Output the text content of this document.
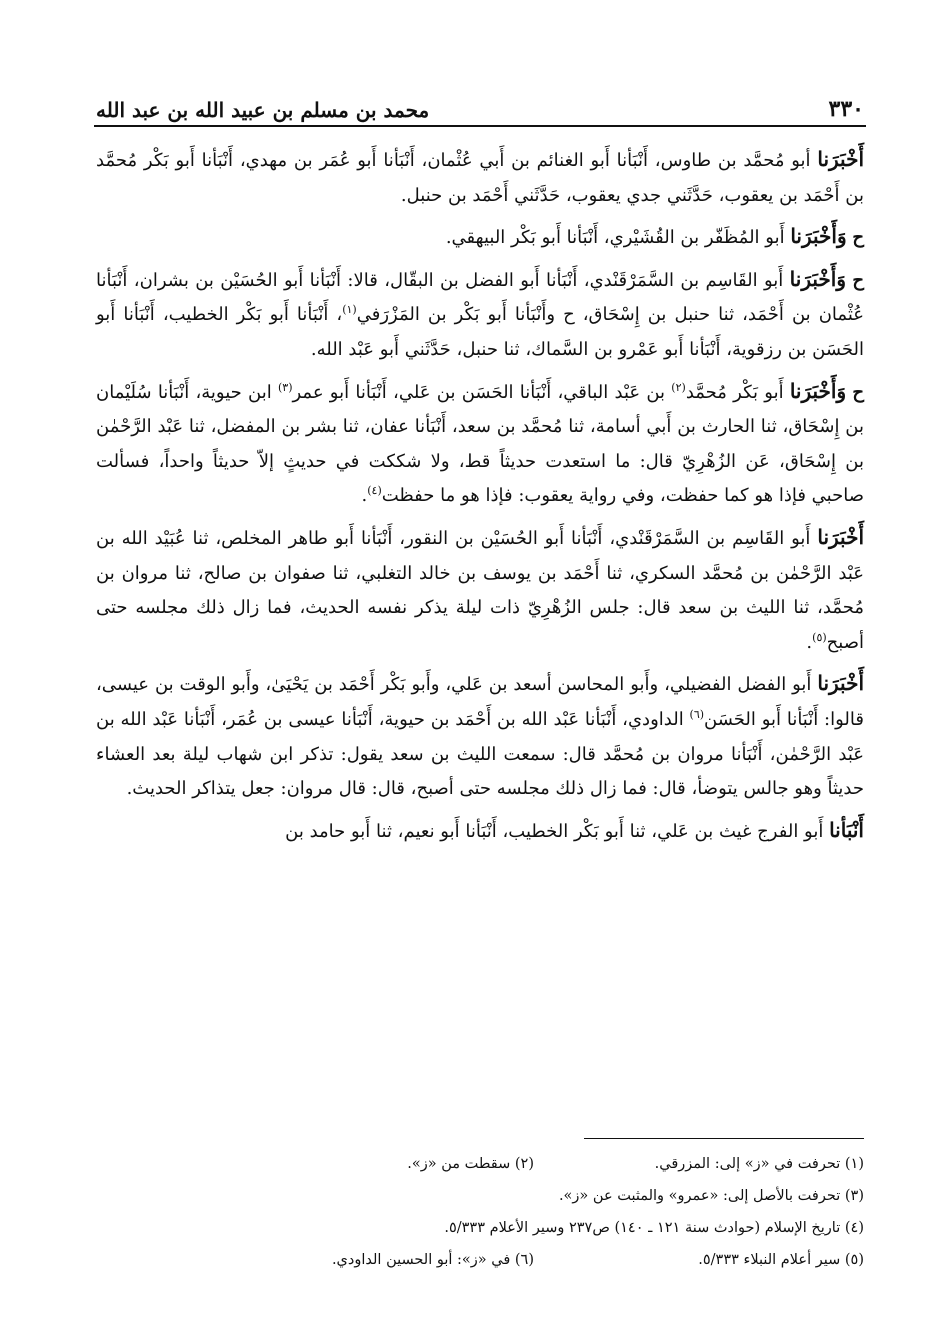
محمد بن مسلم بن عبيد الله بن عبد الله	٣٣٠

أَخْبَرَنا أبو مُحمَّد بن طاوس، أَنْبَأنا أَبو الغنائم بن أَبي عُثْمان، أَنْبَأنا أَبو عُمَر بن مهدي، أَنْبَأنا أَبو بَكْر مُحمَّد بن أَحْمَد بن يعقوب، حَدَّثَني جدي يعقوب، حَدَّثَني أَحْمَد بن حنبل.

ح وَأَخْبَرَنا أَبو المُظَفّر بن القُشَيْري، أَنْبَأنا أَبو بَكْر البيهقي.

ح وَأَخْبَرَنا أَبو القَاسِم بن السَّمَرْقَنْدي، أَنْبَأنا أَبو الفضل بن البقّال، قالا: أَنْبَأنا أَبو الحُسَيْن بن بشران، أَنْبَأنا عُثْمان بن أَحْمَد، ثنا حنبل بن إِسْحَاق، ح وأَنْبَأنا أَبو بَكْر بن المَزْرَفي$^{(١)}$، أَنْبَأنا أَبو بَكْر الخطيب، أَنْبَأنا أَبو الحَسَن بن رزقوية، أَنْبَأنا أَبو عَمْرو بن السَّماك، ثنا حنبل، حَدَّثَني أَبو عَبْد الله.

ح وَأَخْبَرَنا أَبو بَكْر مُحمَّد$^{(٢)}$ بن عَبْد الباقي، أَنْبَأنا الحَسَن بن عَلي، أَنْبَأنا أَبو عمر$^{(٣)}$ ابن حيوية، أَنْبَأنا سُلَيْمان بن إِسْحَاق، ثنا الحارث بن أَبي أسامة، ثنا مُحمَّد بن سعد، أَنْبَأنا عفان، ثنا بشر بن المفضل، ثنا عَبْد الرَّحْمٰن بن إِسْحَاق، عَن الزُهْرِيّ قال: ما استعدت حديثاً قط، ولا شككت في حديثٍ إلاّ حديثاً واحداً، فسألت صاحبي فإذا هو كما حفظت، وفي رواية يعقوب: فإذا هو ما حفظت$^{(٤)}$.

أَخْبَرَنا أَبو القَاسِم بن السَّمَرْقَنْدي، أَنْبَأنا أَبو الحُسَيْن بن النقور، أَنْبَأنا أَبو طاهر المخلص، ثنا عُبَيْد الله بن عَبْد الرَّحْمٰن بن مُحمَّد السكري، ثنا أَحْمَد بن يوسف بن خالد التغلبي، ثنا صفوان بن صالح، ثنا مروان بن مُحمَّد، ثنا الليث بن سعد قال: جلس الزُهْرِيّ ذات ليلة يذكر نفسه الحديث، فما زال ذلك مجلسه حتى أصبح$^{(٥)}$.

أَخْبَرَنا أَبو الفضل الفضيلي، وأَبو المحاسن أسعد بن عَلي، وأَبو بَكْر أَحْمَد بن يَحْيَىٰ، وأَبو الوقت بن عيسى، قالوا: أَنْبَأنا أَبو الحَسَن$^{(٦)}$ الداودي، أَنْبَأنا عَبْد الله بن أَحْمَد بن حيوية، أَنْبَأنا عيسى بن عُمَر، أَنْبَأنا عَبْد الله بن عَبْد الرَّحْمٰن، أَنْبَأنا مروان بن مُحمَّد قال: سمعت الليث بن سعد يقول: تذكر ابن شهاب ليلة بعد العشاء حديثاً وهو جالس يتوضأ، قال: فما زال ذلك مجلسه حتى أصبح، قال: قال مروان: جعل يتذاكر الحديث.

أَنْبَأنا أَبو الفرج غيث بن عَلي، ثنا أَبو بَكْر الخطيب، أَنْبَأنا أَبو نعيم، ثنا أَبو حامد بن

(١) تحرفت في «ز» إلى: المزرقي.
(٢) سقطت من «ز».
(٣) تحرفت بالأصل إلى: «عمرو» والمثبت عن «ز».
(٤) تاريخ الإسلام (حوادث سنة ١٢١ ـ ١٤٠) ص٢٣٧ وسير الأعلام ٥/٣٣٣.
(٥) سير أعلام النبلاء ٥/٣٣٣.
(٦) في «ز»: أبو الحسين الداودي.
